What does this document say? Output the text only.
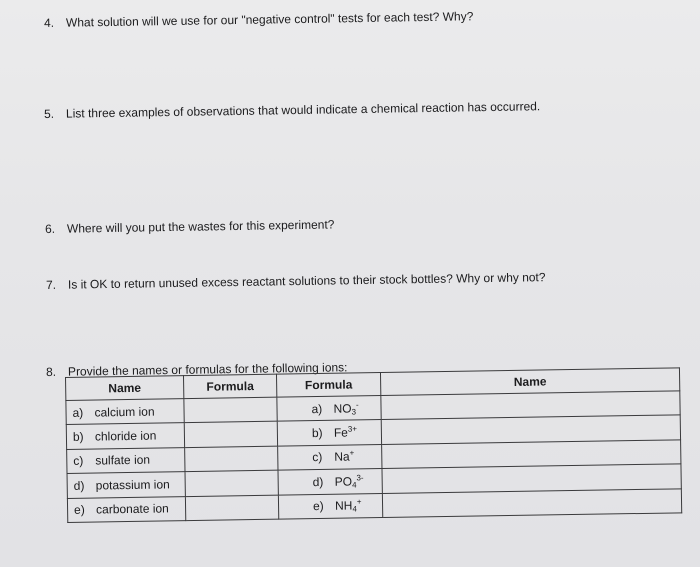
4. What solution will we use for our "negative control" tests for each test? Why?
5. List three examples of observations that would indicate a chemical reaction has occurred.
6. Where will you put the wastes for this experiment?
7. Is it OK to return unused excess reactant solutions to their stock bottles? Why or why not?
8. Provide the names or formulas for the following ions:
Name	Formula	Formula	Name
a) calcium ion		a) $NO_3^-$	
b) chloride ion		b) $Fe^{3+}$	
c) sulfate ion		c) Na+	
d) potassium ion		d) $PO_4^{3-}$	
e) carbonate ion		e) $NH_4^+$	
